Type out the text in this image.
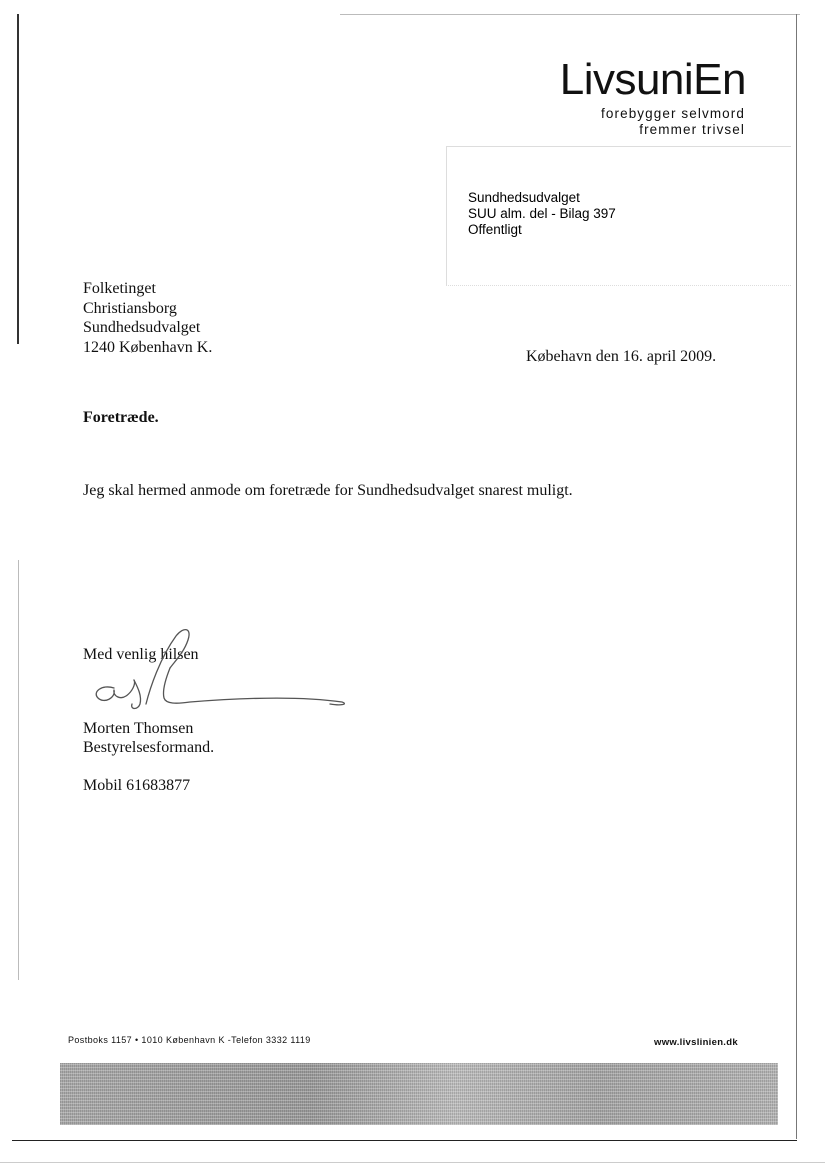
LivsuniEn
forebygger selvmord
fremmer trivsel
Sundhedsudvalget
SUU alm. del - Bilag 397
Offentligt
Folketinget
Christiansborg
Sundhedsudvalget
1240 København K.
Købehavn den 16. april 2009.
Foretræde.
Jeg skal hermed anmode om foretræde for Sundhedsudvalget snarest muligt.
Med venlig hilsen
Morten Thomsen
Bestyrelsesformand.
Mobil 61683877
Postboks 1157 • 1010 København K -Telefon 3332 1119	www.livslinien.dk
